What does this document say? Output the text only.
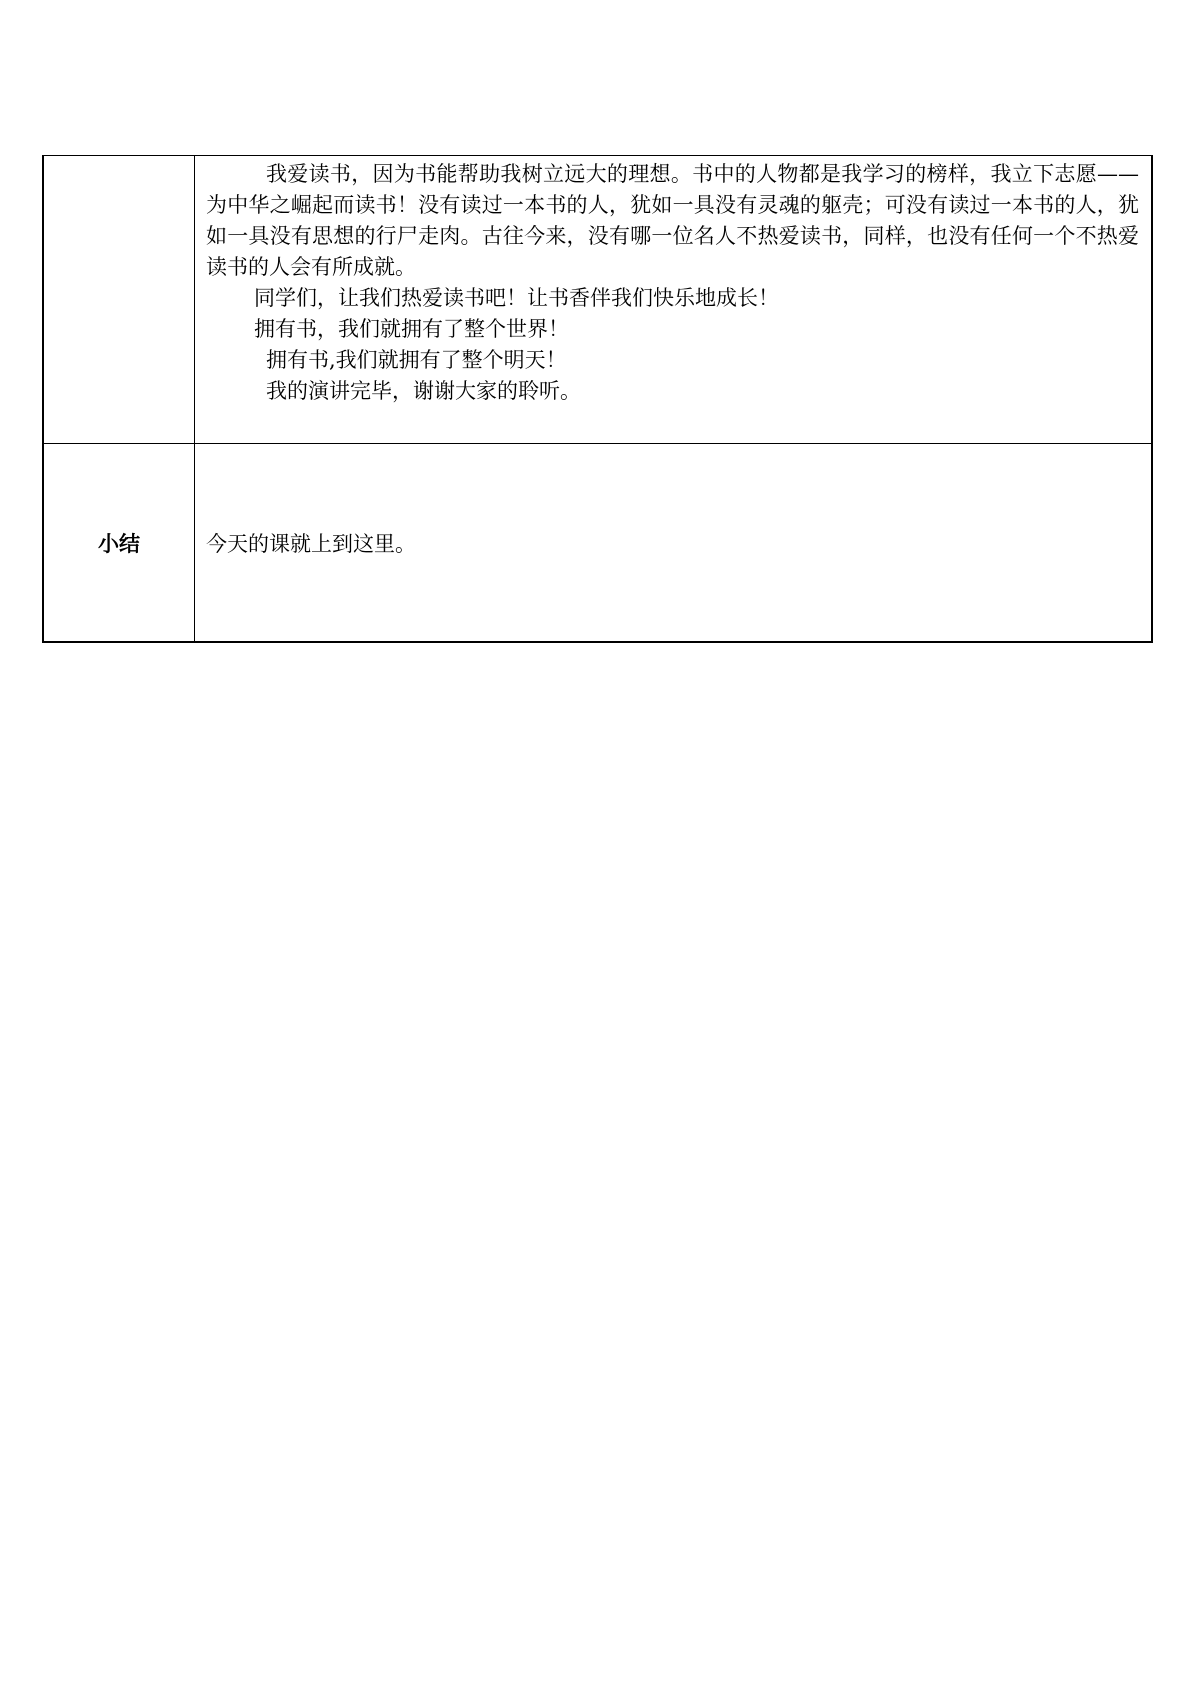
	我爱读书，因为书能帮助我树立远大的理想。书中的人物都是我学习的榜样，我立下志愿——为中华之崛起而读书！没有读过一本书的人，犹如一具没有灵魂的躯壳；可没有读过一本书的人，犹如一具没有思想的行尸走肉。古往今来，没有哪一位名人不热爱读书，同样，也没有任何一个不热爱读书的人会有所成就。

同学们，让我们热爱读书吧！让书香伴我们快乐地成长！

拥有书，我们就拥有了整个世界！

拥有书,我们就拥有了整个明天！

我的演讲完毕，谢谢大家的聆听。

小结	今天的课就上到这里。
